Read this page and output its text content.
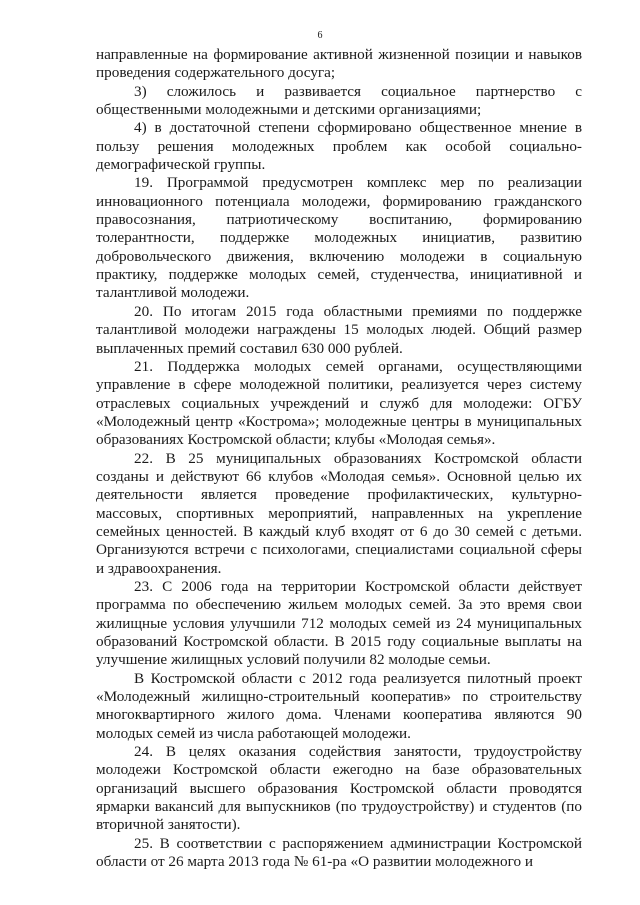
6

направленные на формирование активной жизненной позиции и навыков проведения содержательного досуга;

3) сложилось и развивается социальное партнерство с общественными молодежными и детскими организациями;

4) в достаточной степени сформировано общественное мнение в пользу решения молодежных проблем как особой социально-демографической группы.

19. Программой предусмотрен комплекс мер по реализации инновационного потенциала молодежи, формированию гражданского правосознания, патриотическому воспитанию, формированию толерантности, поддержке молодежных инициатив, развитию добровольческого движения, включению молодежи в социальную практику, поддержке молодых семей, студенчества, инициативной и талантливой молодежи.

20. По итогам 2015 года областными премиями по поддержке талантливой молодежи награждены 15 молодых людей. Общий размер выплаченных премий составил 630 000 рублей.

21. Поддержка молодых семей органами, осуществляющими управление в сфере молодежной политики, реализуется через систему отраслевых социальных учреждений и служб для молодежи: ОГБУ «Молодежный центр «Кострома»; молодежные центры в муниципальных образованиях Костромской области; клубы «Молодая семья».

22. В 25 муниципальных образованиях Костромской области созданы и действуют 66 клубов «Молодая семья». Основной целью их деятельности является проведение профилактических, культурно-массовых, спортивных мероприятий, направленных на укрепление семейных ценностей. В каждый клуб входят от 6 до 30 семей с детьми. Организуются встречи с психологами, специалистами социальной сферы и здравоохранения.

23. С 2006 года на территории Костромской области действует программа по обеспечению жильем молодых семей. За это время свои жилищные условия улучшили 712 молодых семей из 24 муниципальных образований Костромской области. В 2015 году социальные выплаты на улучшение жилищных условий получили 82 молодые семьи.

В Костромской области с 2012 года реализуется пилотный проект «Молодежный жилищно-строительный кооператив» по строительству многоквартирного жилого дома. Членами кооператива являются 90 молодых семей из числа работающей молодежи.

24. В целях оказания содействия занятости, трудоустройству молодежи Костромской области ежегодно на базе образовательных организаций высшего образования Костромской области проводятся ярмарки вакансий для выпускников (по трудоустройству) и студентов (по вторичной занятости).

25. В соответствии с распоряжением администрации Костромской области от 26 марта 2013 года № 61-ра «О развитии молодежного и
